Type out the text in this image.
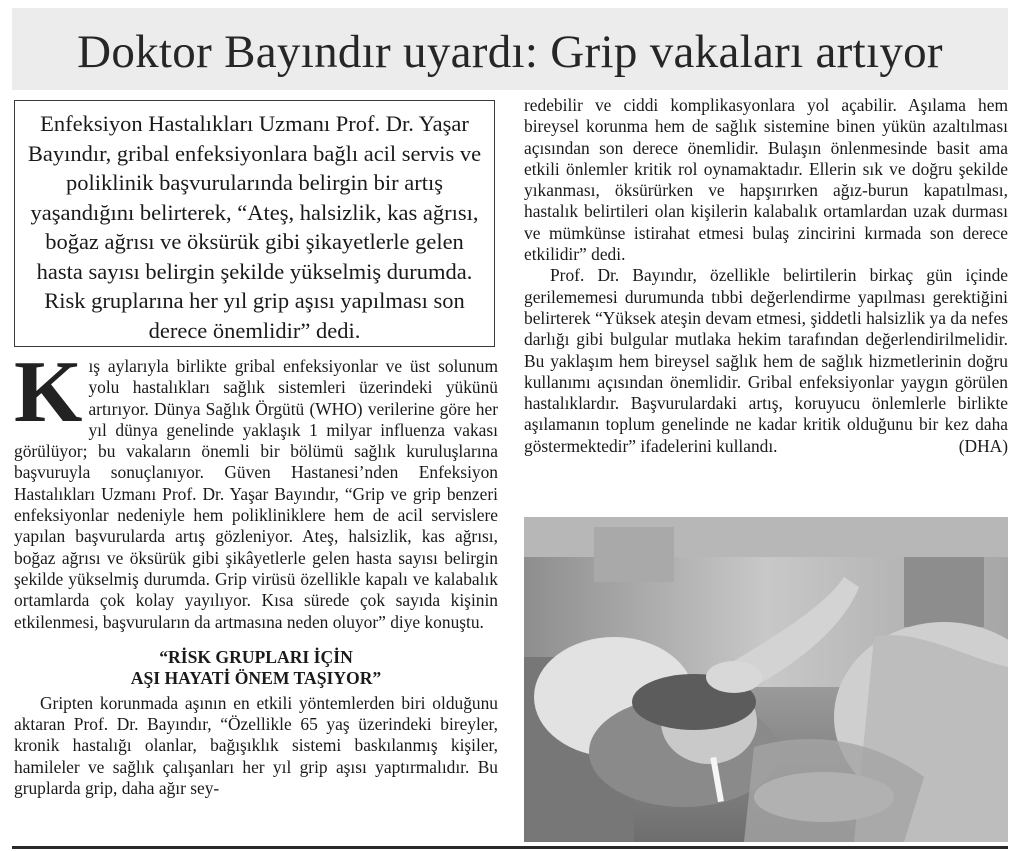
Doktor Bayındır uyardı: Grip vakaları artıyor
Enfeksiyon Hastalıkları Uzmanı Prof. Dr. Yaşar Bayındır, gribal enfeksiyonlara bağlı acil servis ve poliklinik başvurularında belirgin bir artış yaşandığını belirterek, “Ateş, halsizlik, kas ağrısı, boğaz ağrısı ve öksürük gibi şikayetlerle gelen hasta sayısı belirgin şekilde yükselmiş durumda. Risk gruplarına her yıl grip aşısı yapılması son derece önemlidir” dedi.

Kış aylarıyla birlikte gribal enfeksiyonlar ve üst solunum yolu hastalıkları sağlık sistemleri üzerindeki yükünü artırıyor. Dünya Sağlık Örgütü (WHO) verilerine göre her yıl dünya genelinde yaklaşık 1 milyar influenza vakası görülüyor; bu vakaların önemli bir bölümü sağlık kuruluşlarına başvuruyla sonuçlanıyor. Güven Hastanesi’nden Enfeksiyon Hastalıkları Uzmanı Prof. Dr. Yaşar Bayındır, “Grip ve grip benzeri enfeksiyonlar nedeniyle hem polikliniklere hem de acil servislere yapılan başvurularda artış gözleniyor. Ateş, halsizlik, kas ağrısı, boğaz ağrısı ve öksürük gibi şikâyetlerle gelen hasta sayısı belirgin şekilde yükselmiş durumda. Grip virüsü özellikle kapalı ve kalabalık ortamlarda çok kolay yayılıyor. Kısa sürede çok sayıda kişinin etkilenmesi, başvuruların da artmasına neden oluyor” diye konuştu.

“RİSK GRUPLARI İÇİN
AŞI HAYATİ ÖNEM TAŞIYOR”

Gripten korunmada aşının en etkili yöntemlerden biri olduğunu aktaran Prof. Dr. Bayındır, “Özellikle 65 yaş üzerindeki bireyler, kronik hastalığı olanlar, bağışıklık sistemi baskılanmış kişiler, hamileler ve sağlık çalışanları her yıl grip aşısı yaptırmalıdır. Bu gruplarda grip, daha ağır sey-

redebilir ve ciddi komplikasyonlara yol açabilir. Aşılama hem bireysel korunma hem de sağlık sistemine binen yükün azaltılması açısından son derece önemlidir. Bulaşın önlenmesinde basit ama etkili önlemler kritik rol oynamaktadır. Ellerin sık ve doğru şekilde yıkanması, öksürürken ve hapşırırken ağız-burun kapatılması, hastalık belirtileri olan kişilerin kalabalık ortamlardan uzak durması ve mümkünse istirahat etmesi bulaş zincirini kırmada son derece etkilidir” dedi.

Prof. Dr. Bayındır, özellikle belirtilerin birkaç gün içinde gerilememesi durumunda tıbbi değerlendirme yapılması gerektiğini belirterek “Yüksek ateşin devam etmesi, şiddetli halsizlik ya da nefes darlığı gibi bulgular mutlaka hekim tarafından değerlendirilmelidir. Bu yaklaşım hem bireysel sağlık hem de sağlık hizmetlerinin doğru kullanımı açısından önemlidir. Gribal enfeksiyonlar yaygın görülen hastalıklardır. Başvurulardaki artış, koruyucu önlemlerle birlikte aşılamanın toplum genelinde ne kadar kritik olduğunu bir kez daha göstermektedir” ifadelerini kullandı.	(DHA)
